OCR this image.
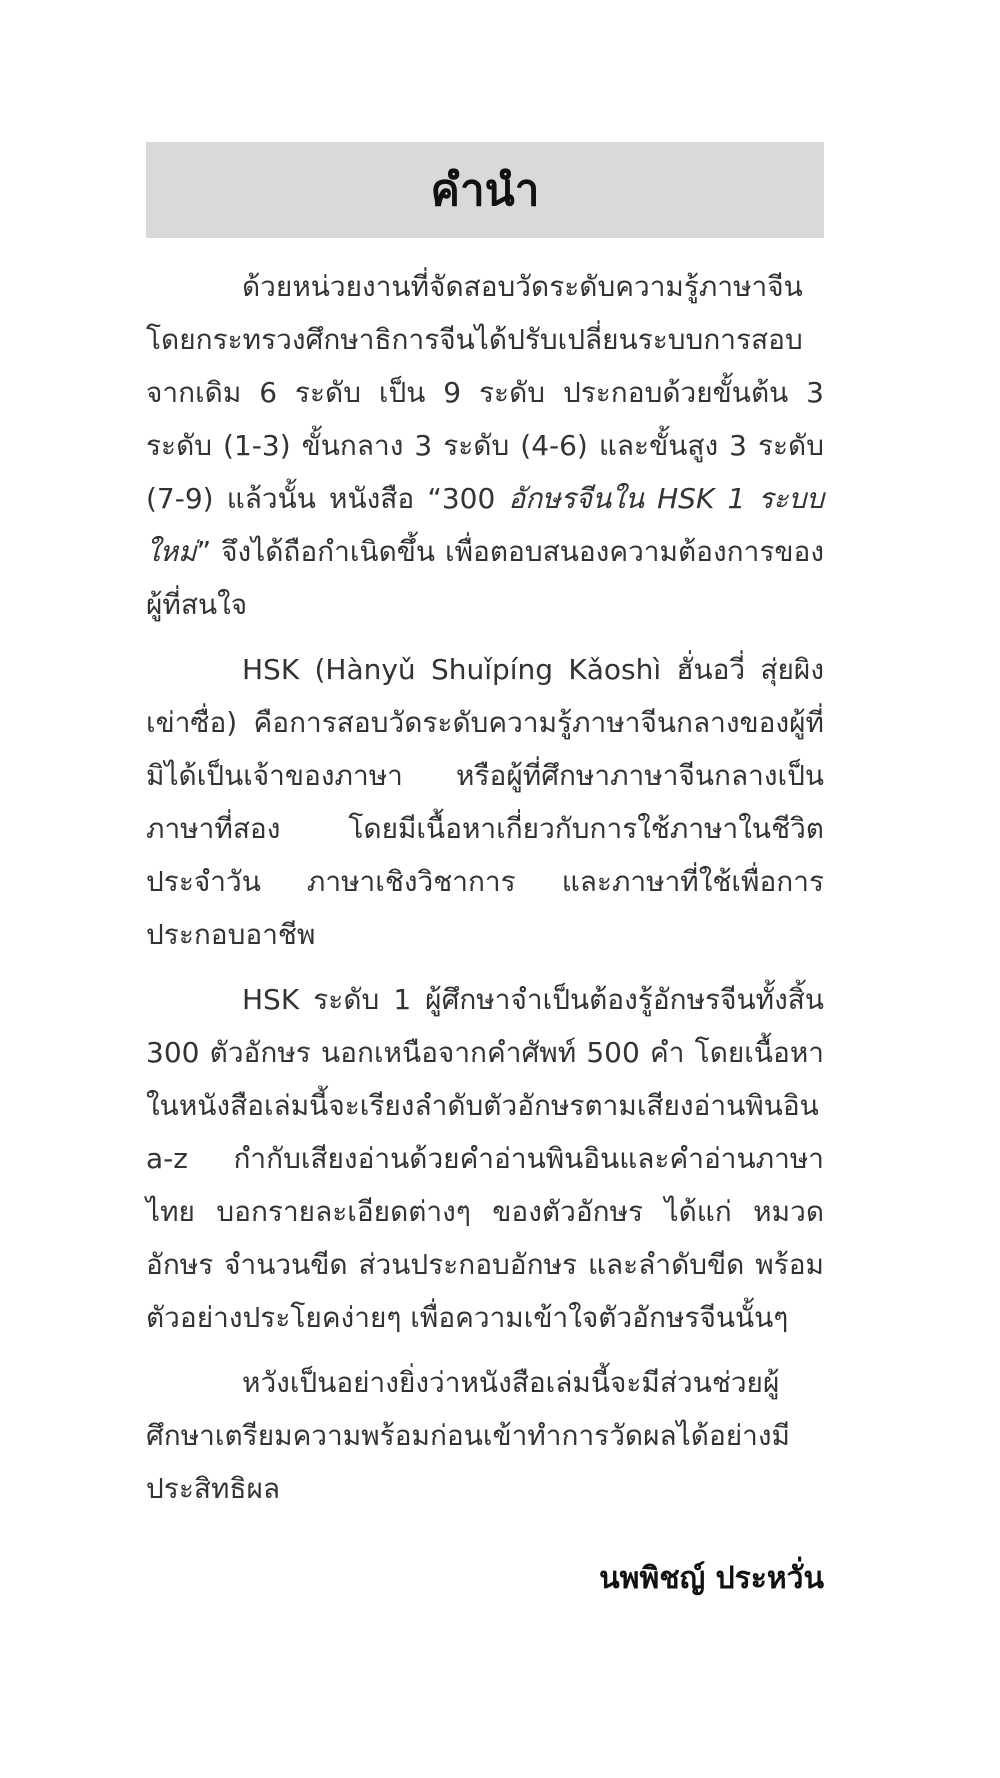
คำนำ

ด้วยหน่วยงานที่จัดสอบวัดระดับความรู้ภาษาจีน โดยกระทรวงศึกษาธิการจีนได้ปรับเปลี่ยนระบบการสอบ จากเดิม 6 ระดับ เป็น 9 ระดับ ประกอบด้วยขั้นต้น 3 ระดับ (1-3) ขั้นกลาง 3 ระดับ (4-6) และขั้นสูง 3 ระดับ (7-9) แล้วนั้น หนังสือ “300 อักษรจีนใน HSK 1 ระบบใหม่” จึงได้ถือกำเนิดขึ้น เพื่อตอบสนองความต้องการของผู้ที่สนใจ

HSK (Hànyǔ Shuǐpíng Kǎoshì ฮั่นอวี่ สุ่ยผิง เข่าซื่อ) คือการสอบวัดระดับความรู้ภาษาจีนกลางของผู้ที่มิได้เป็นเจ้าของภาษา หรือผู้ที่ศึกษาภาษาจีนกลางเป็นภาษาที่สอง โดยมีเนื้อหาเกี่ยวกับการใช้ภาษาในชีวิตประจำวัน ภาษาเชิงวิชาการ และภาษาที่ใช้เพื่อการประกอบอาชีพ

HSK ระดับ 1 ผู้ศึกษาจำเป็นต้องรู้อักษรจีนทั้งสิ้น 300 ตัวอักษร นอกเหนือจากคำศัพท์ 500 คำ โดยเนื้อหาในหนังสือเล่มนี้จะเรียงลำดับตัวอักษรตามเสียงอ่านพินอิน a-z กำกับเสียงอ่านด้วยคำอ่านพินอินและคำอ่านภาษาไทย บอกรายละเอียดต่างๆ ของตัวอักษร ได้แก่ หมวดอักษร จำนวนขีด ส่วนประกอบอักษร และลำดับขีด พร้อมตัวอย่างประโยคง่ายๆ เพื่อความเข้าใจตัวอักษรจีนนั้นๆ

หวังเป็นอย่างยิ่งว่าหนังสือเล่มนี้จะมีส่วนช่วยผู้ศึกษาเตรียมความพร้อมก่อนเข้าทำการวัดผลได้อย่างมีประสิทธิผล

นพพิชญ์ ประหวั่น
